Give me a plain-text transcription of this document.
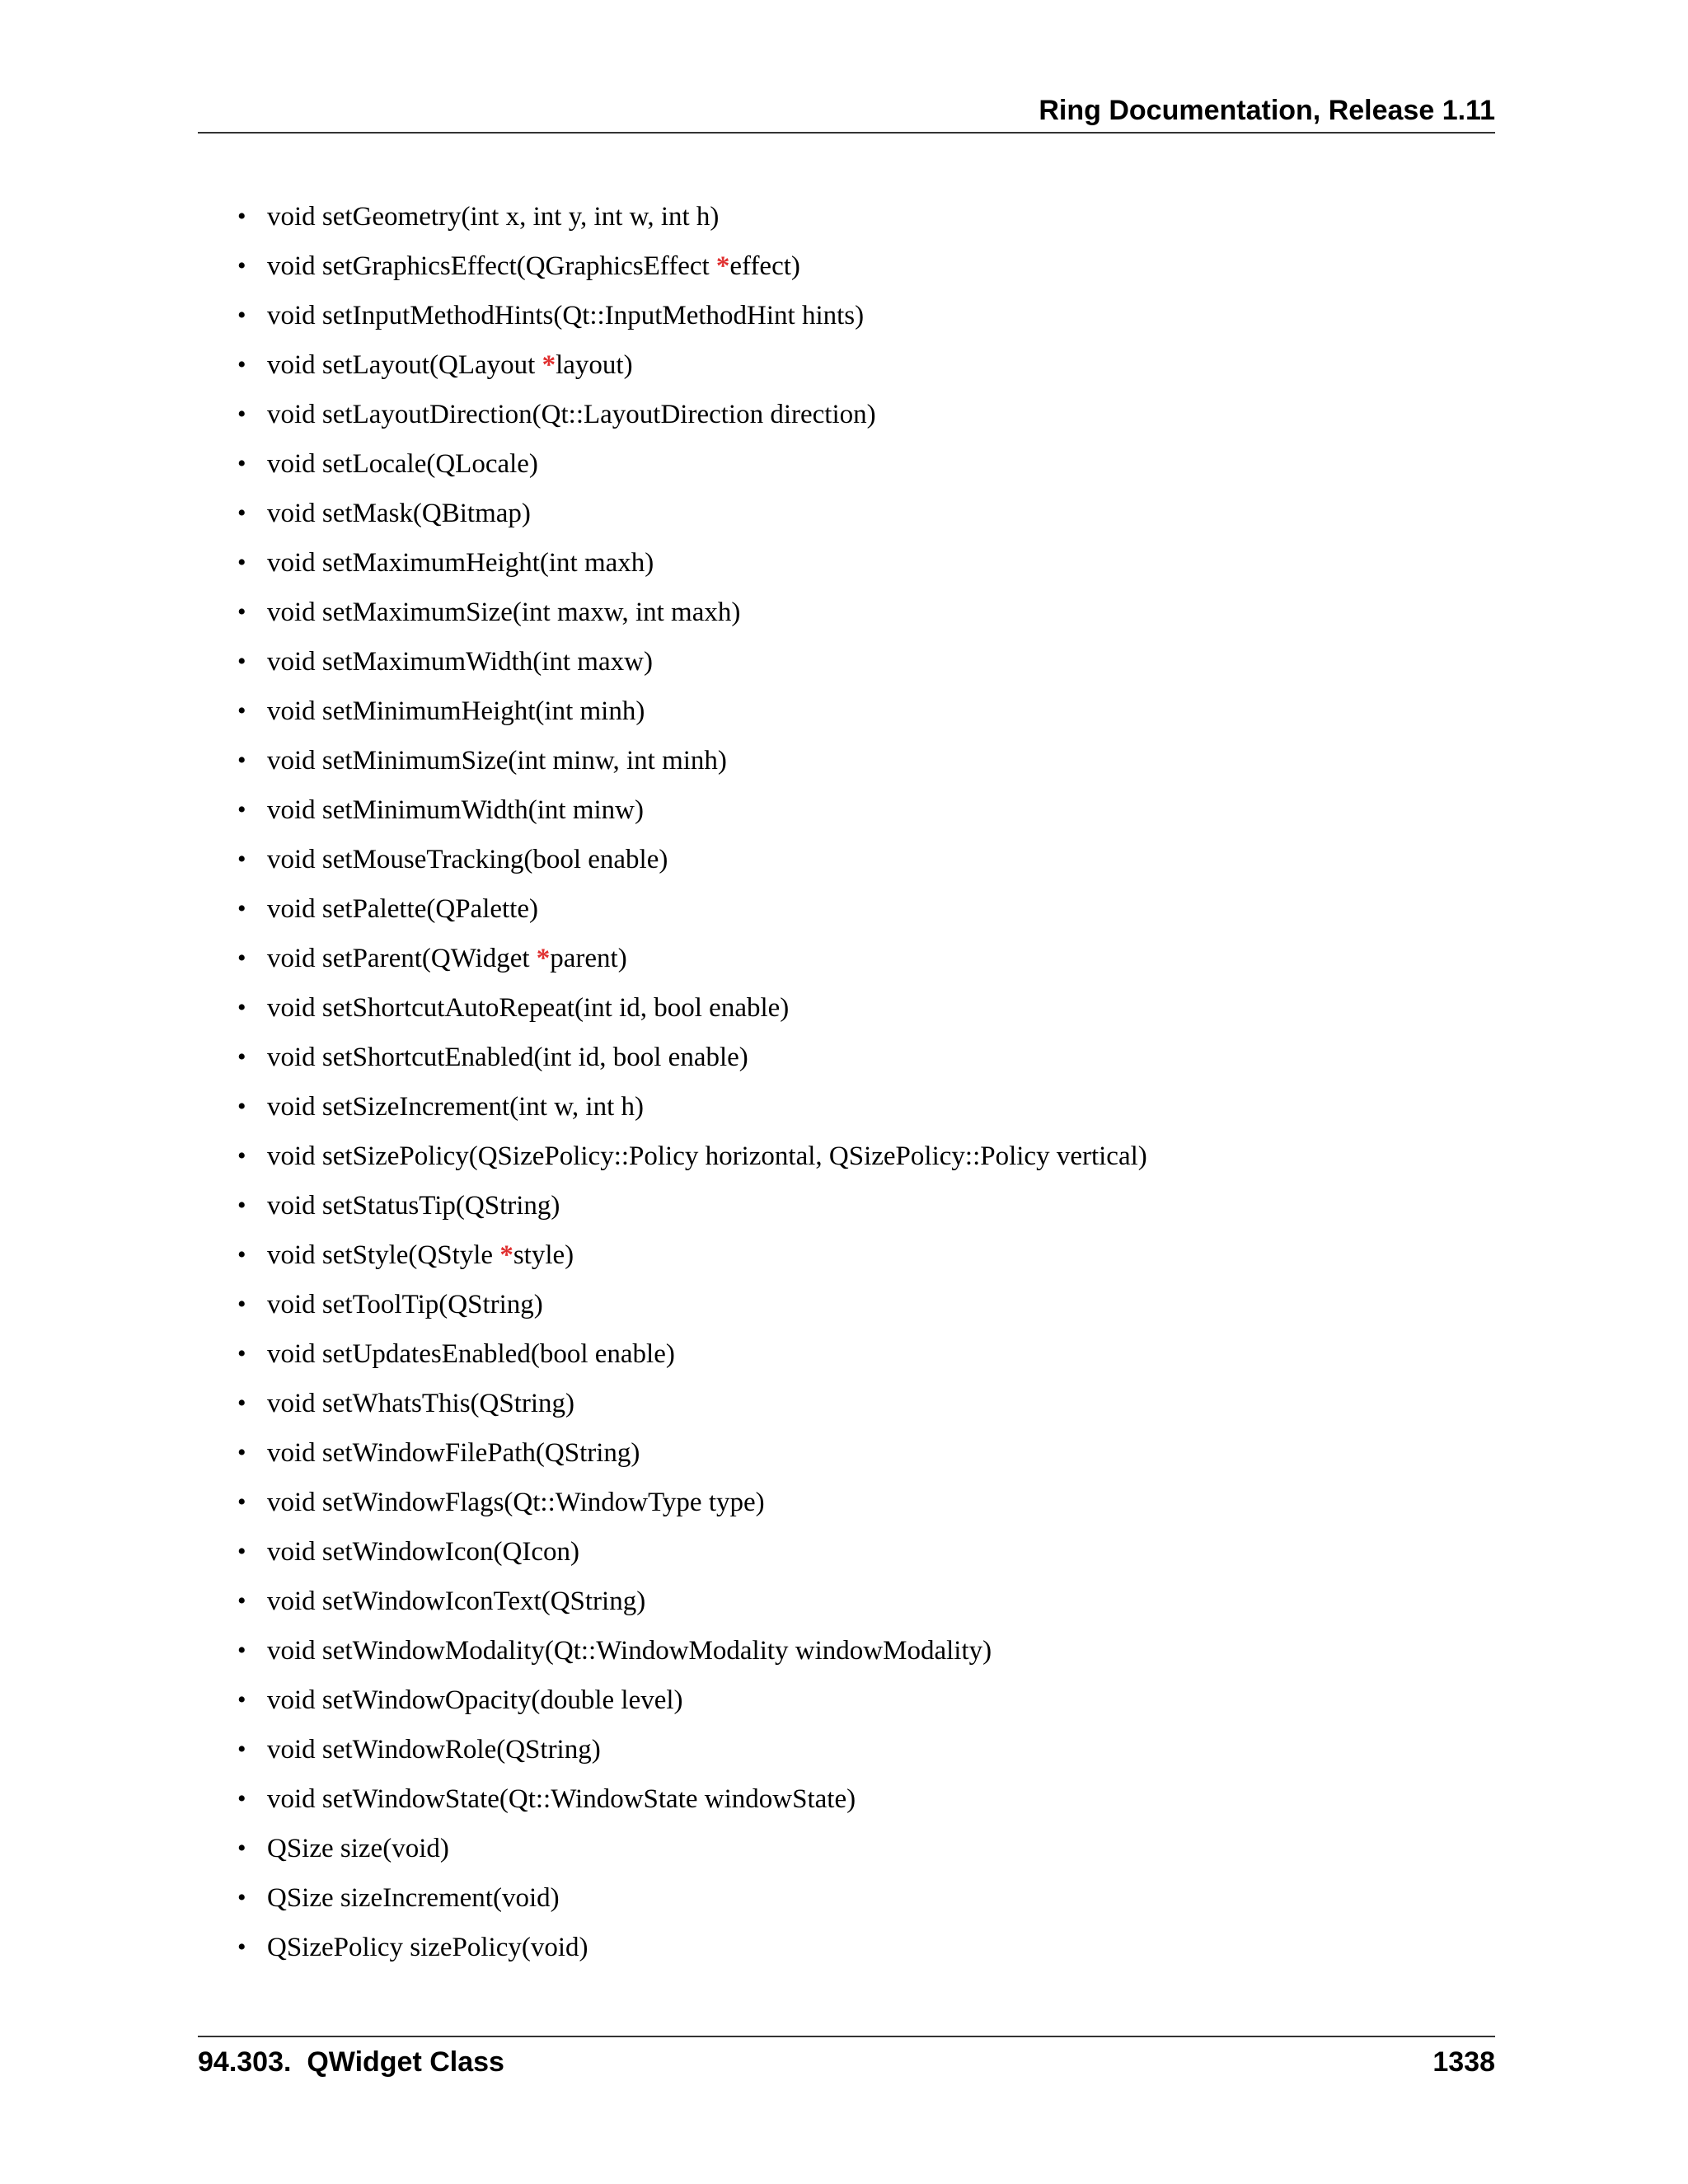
Ring Documentation, Release 1.11
• void setGeometry(int x, int y, int w, int h)
• void setGraphicsEffect(QGraphicsEffect *effect)
• void setInputMethodHints(Qt::InputMethodHint hints)
• void setLayout(QLayout *layout)
• void setLayoutDirection(Qt::LayoutDirection direction)
• void setLocale(QLocale)
• void setMask(QBitmap)
• void setMaximumHeight(int maxh)
• void setMaximumSize(int maxw, int maxh)
• void setMaximumWidth(int maxw)
• void setMinimumHeight(int minh)
• void setMinimumSize(int minw, int minh)
• void setMinimumWidth(int minw)
• void setMouseTracking(bool enable)
• void setPalette(QPalette)
• void setParent(QWidget *parent)
• void setShortcutAutoRepeat(int id, bool enable)
• void setShortcutEnabled(int id, bool enable)
• void setSizeIncrement(int w, int h)
• void setSizePolicy(QSizePolicy::Policy horizontal, QSizePolicy::Policy vertical)
• void setStatusTip(QString)
• void setStyle(QStyle *style)
• void setToolTip(QString)
• void setUpdatesEnabled(bool enable)
• void setWhatsThis(QString)
• void setWindowFilePath(QString)
• void setWindowFlags(Qt::WindowType type)
• void setWindowIcon(QIcon)
• void setWindowIconText(QString)
• void setWindowModality(Qt::WindowModality windowModality)
• void setWindowOpacity(double level)
• void setWindowRole(QString)
• void setWindowState(Qt::WindowState windowState)
• QSize size(void)
• QSize sizeIncrement(void)
• QSizePolicy sizePolicy(void)
94.303.  QWidget Class	1338
